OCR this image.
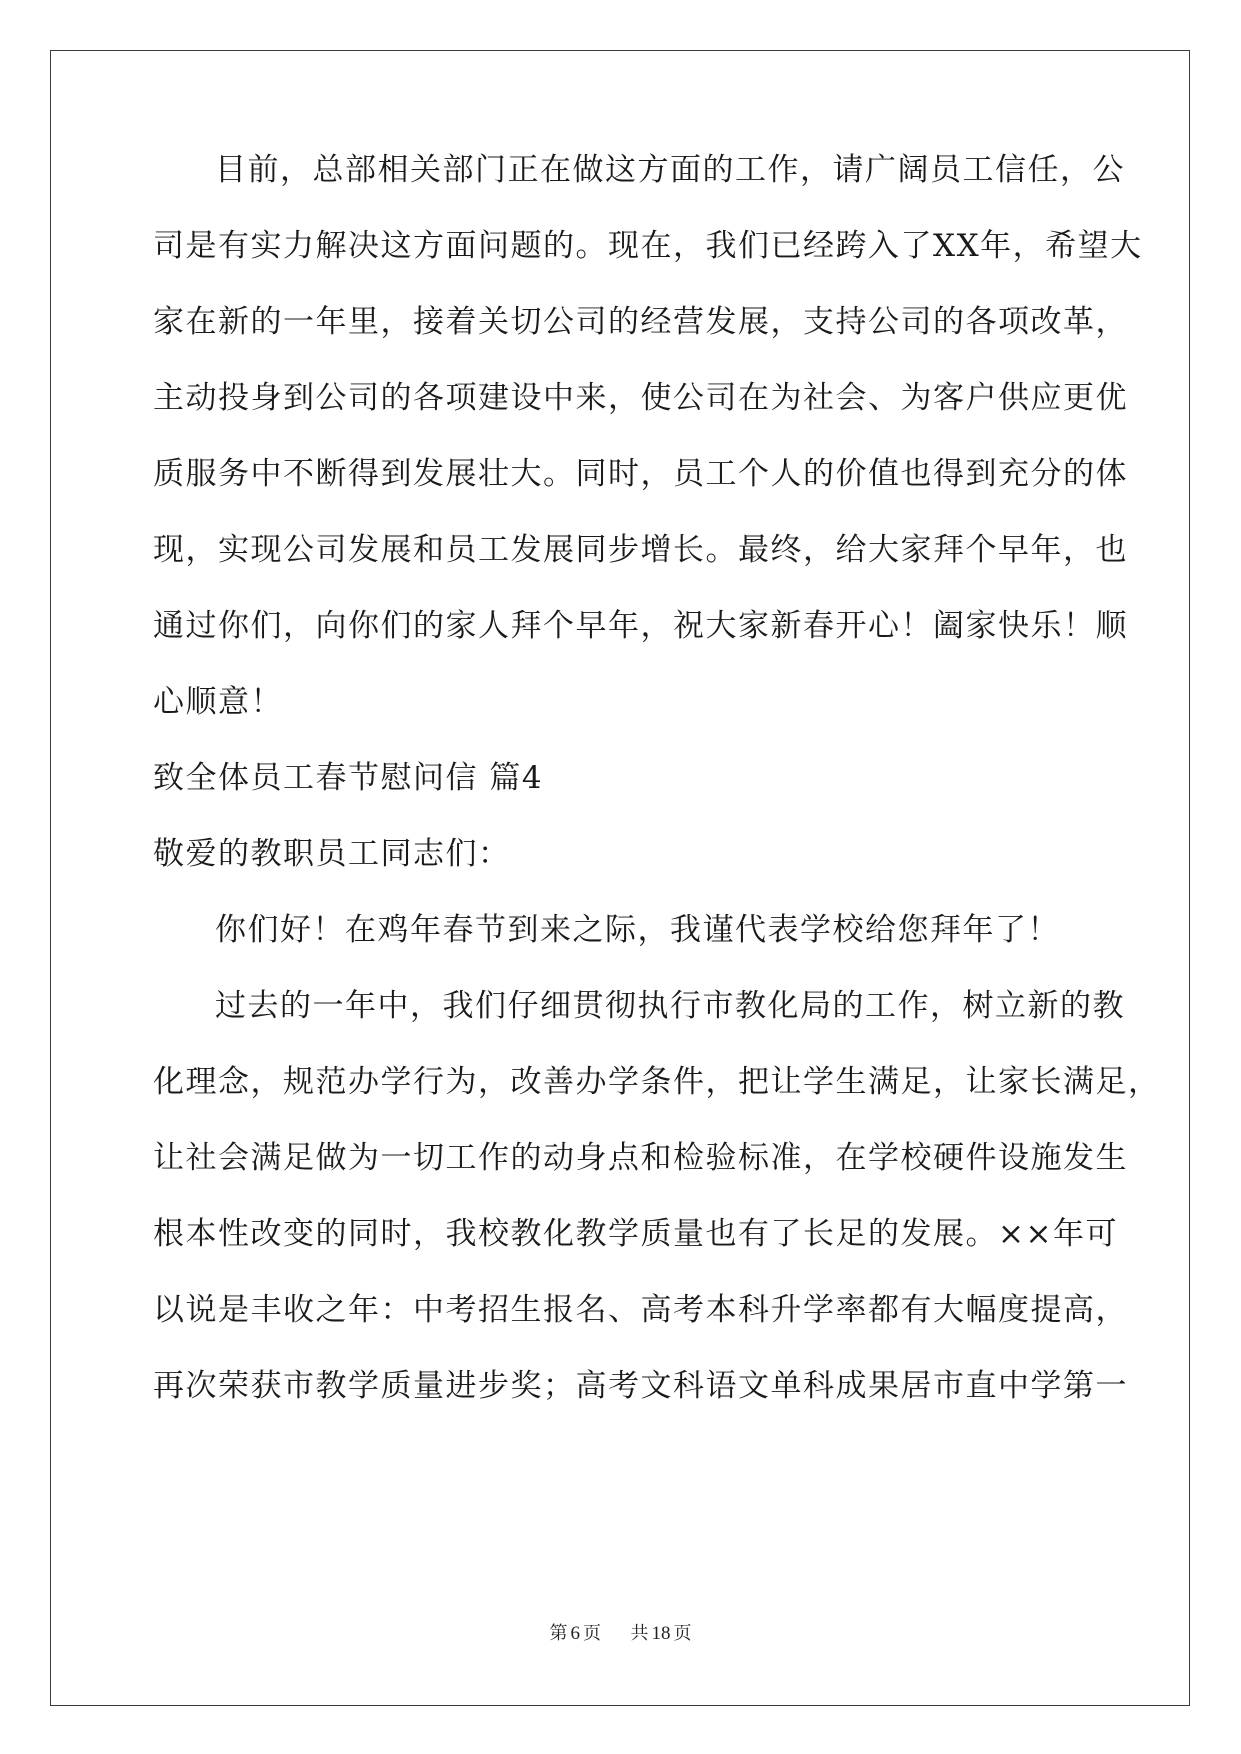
目前，总部相关部门正在做这方面的工作，请广阔员工信任，公
司是有实力解决这方面问题的。现在，我们已经跨入了XX年，希望大
家在新的一年里，接着关切公司的经营发展，支持公司的各项改革，
主动投身到公司的各项建设中来，使公司在为社会、为客户供应更优
质服务中不断得到发展壮大。同时，员工个人的价值也得到充分的体
现，实现公司发展和员工发展同步增长。最终，给大家拜个早年，也
通过你们，向你们的家人拜个早年，祝大家新春开心！阖家快乐！顺
心顺意！
致全体员工春节慰问信 篇4
敬爱的教职员工同志们：
你们好！在鸡年春节到来之际，我谨代表学校给您拜年了！
过去的一年中，我们仔细贯彻执行市教化局的工作，树立新的教
化理念，规范办学行为，改善办学条件，把让学生满足，让家长满足，
让社会满足做为一切工作的动身点和检验标准，在学校硬件设施发生
根本性改变的同时，我校教化教学质量也有了长足的发展。××年可
以说是丰收之年：中考招生报名、高考本科升学率都有大幅度提高，
再次荣获市教学质量进步奖；高考文科语文单科成果居市直中学第一
第 6 页 共 18 页
